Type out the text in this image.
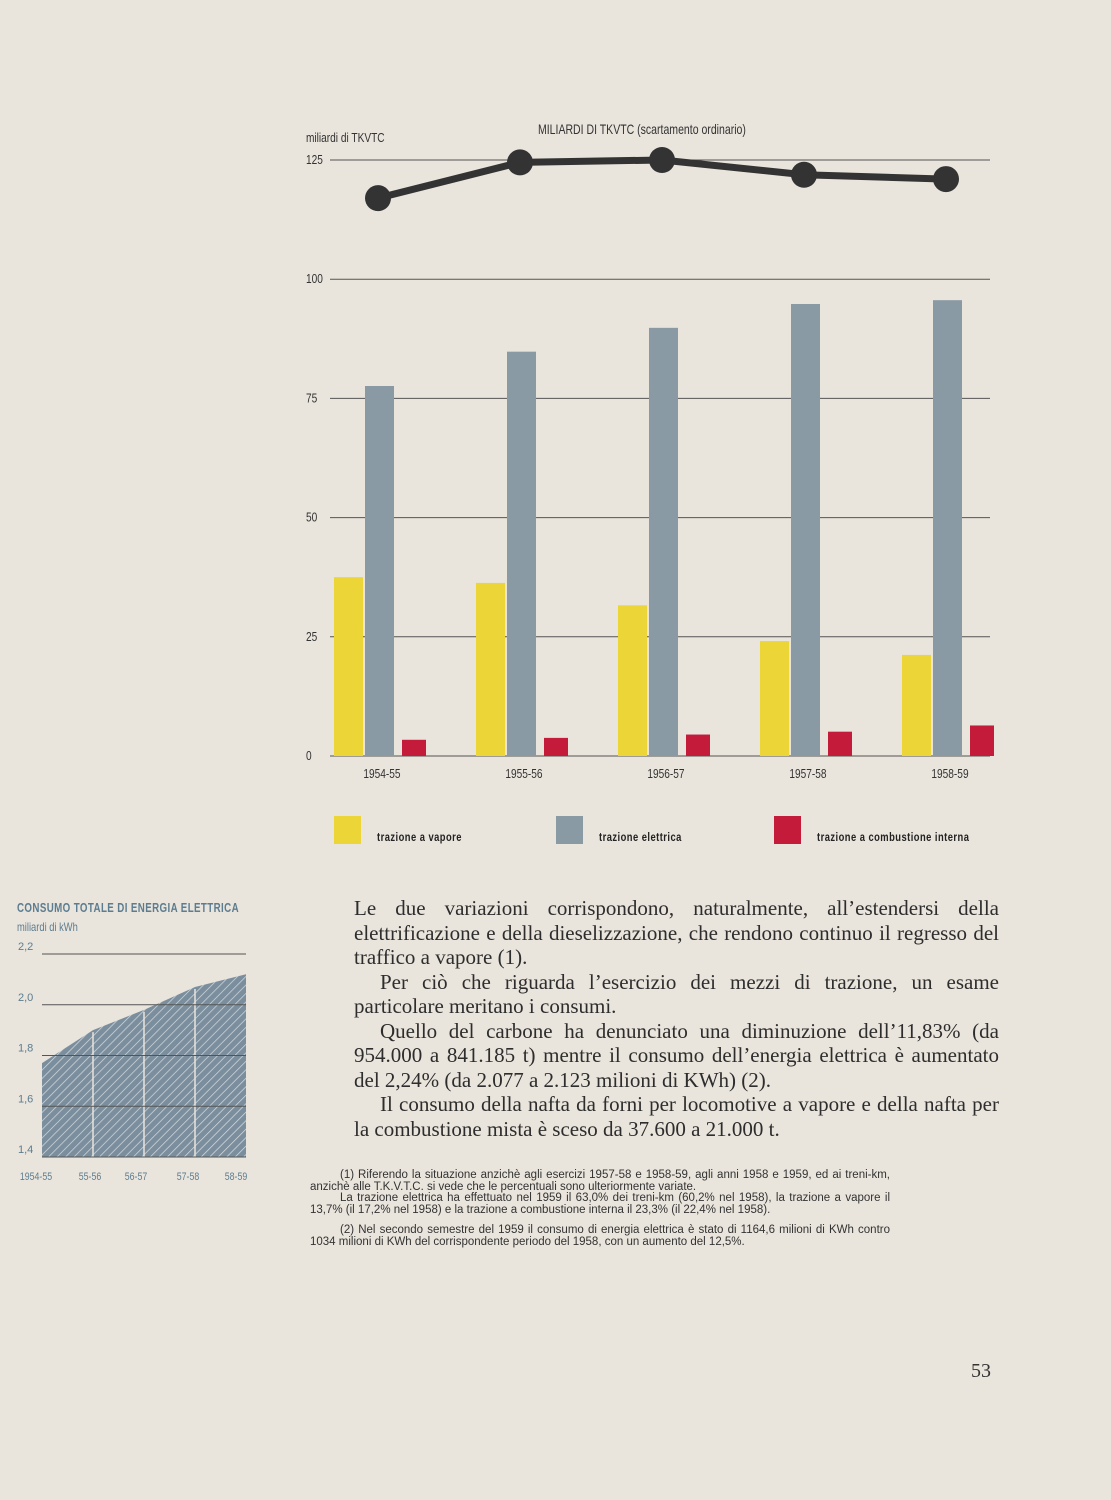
0
25
50
75
100
125
miliardi di TKVTC
MILIARDI DI TKVTC (scartamento ordinario)
1954-55	1955-56	1956-57	1957-58	1958-59
trazione a vapore	trazione elettrica	trazione a combustione interna
CONSUMO TOTALE DI ENERGIA ELETTRICA
miliardi di kWh
1,4
1,6
1,8
2,0
2,2
1954-55 55-56 56-57	57-58 58-59

Le due variazioni corrispondono, naturalmente, all’estendersi della elettrificazione e della dieselizzazione, che rendono continuo il regresso del traffico a vapore (1).

Per ciò che riguarda l’esercizio dei mezzi di trazione, un esame particolare meritano i consumi.

Quello del carbone ha denunciato una diminuzione dell’11,83% (da 954.000 a 841.185 t) mentre il consumo dell’energia elettrica è aumentato del 2,24% (da 2.077 a 2.123 milioni di KWh) (2).

Il consumo della nafta da forni per locomotive a vapore e della nafta per la combustione mista è sceso da 37.600 a 21.000 t.

(1) Riferendo la situazione anzichè agli esercizi 1957-58 e 1958-59, agli anni 1958 e 1959, ed ai treni-km, anzichè alle T.K.V.T.C. si vede che le percentuali sono ulteriormente variate.

La trazione elettrica ha effettuato nel 1959 il 63,0% dei treni-km (60,2% nel 1958), la trazione a vapore il 13,7% (il 17,2% nel 1958) e la trazione a combustione interna il 23,3% (il 22,4% nel 1958).

(2) Nel secondo semestre del 1959 il consumo di energia elettrica è stato di 1164,6 milioni di KWh contro 1034 milioni di KWh del corrispondente periodo del 1958, con un aumento del 12,5%.

53
